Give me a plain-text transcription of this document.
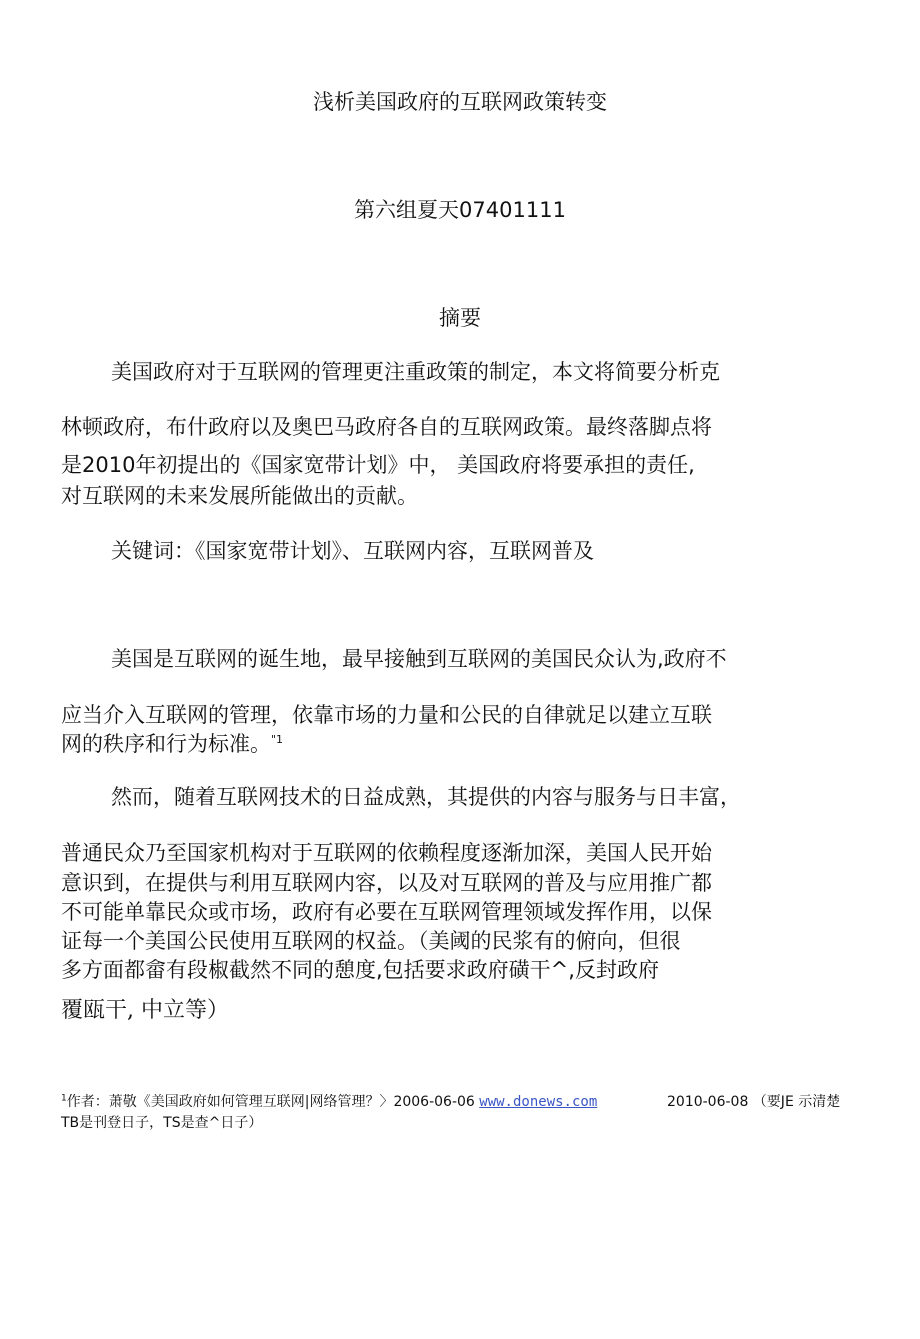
浅析美国政府的互联网政策转变
第六组夏天07401111
摘要
美国政府对于互联网的管理更注重政策的制定，本文将简要分析克
林顿政府，布什政府以及奥巴马政府各自的互联网政策。最终落脚点将
是2010年初提出的《国家宽带计划》中， 美国政府将要承担的责任,
对互联网的未来发展所能做出的贡献。
关键词：《国家宽带计划》、互联网内容，互联网普及
美国是互联网的诞生地，最早接触到互联网的美国民众认为,政府不
应当介入互联网的管理，依靠市场的力量和公民的自律就足以建立互联
网的秩序和行为标准。$^{"1}$
然而，随着互联网技术的日益成熟，其提供的内容与服务与日丰富，
普通民众乃至国家机构对于互联网的依赖程度逐渐加深，美国人民开始
意识到，在提供与利用互联网内容，以及对互联网的普及与应用推广都
不可能单靠民众或市场，政府有必要在互联网管理领域发挥作用，以保
证每一个美国公民使用互联网的权益。（美阈的民浆有的俯向，但很
多方面都畲有段椒截然不同的憩度,包括要求政府磺干^,反封政府
覆瓯干, 中立等）
$^1$作者：萧敬《美国政府如何管理互联网|网络管理？〉2006-06-06 www.donews.com	2010-06-08 （要JE 示清楚
TB是刊登日子，TS是查^日子）
